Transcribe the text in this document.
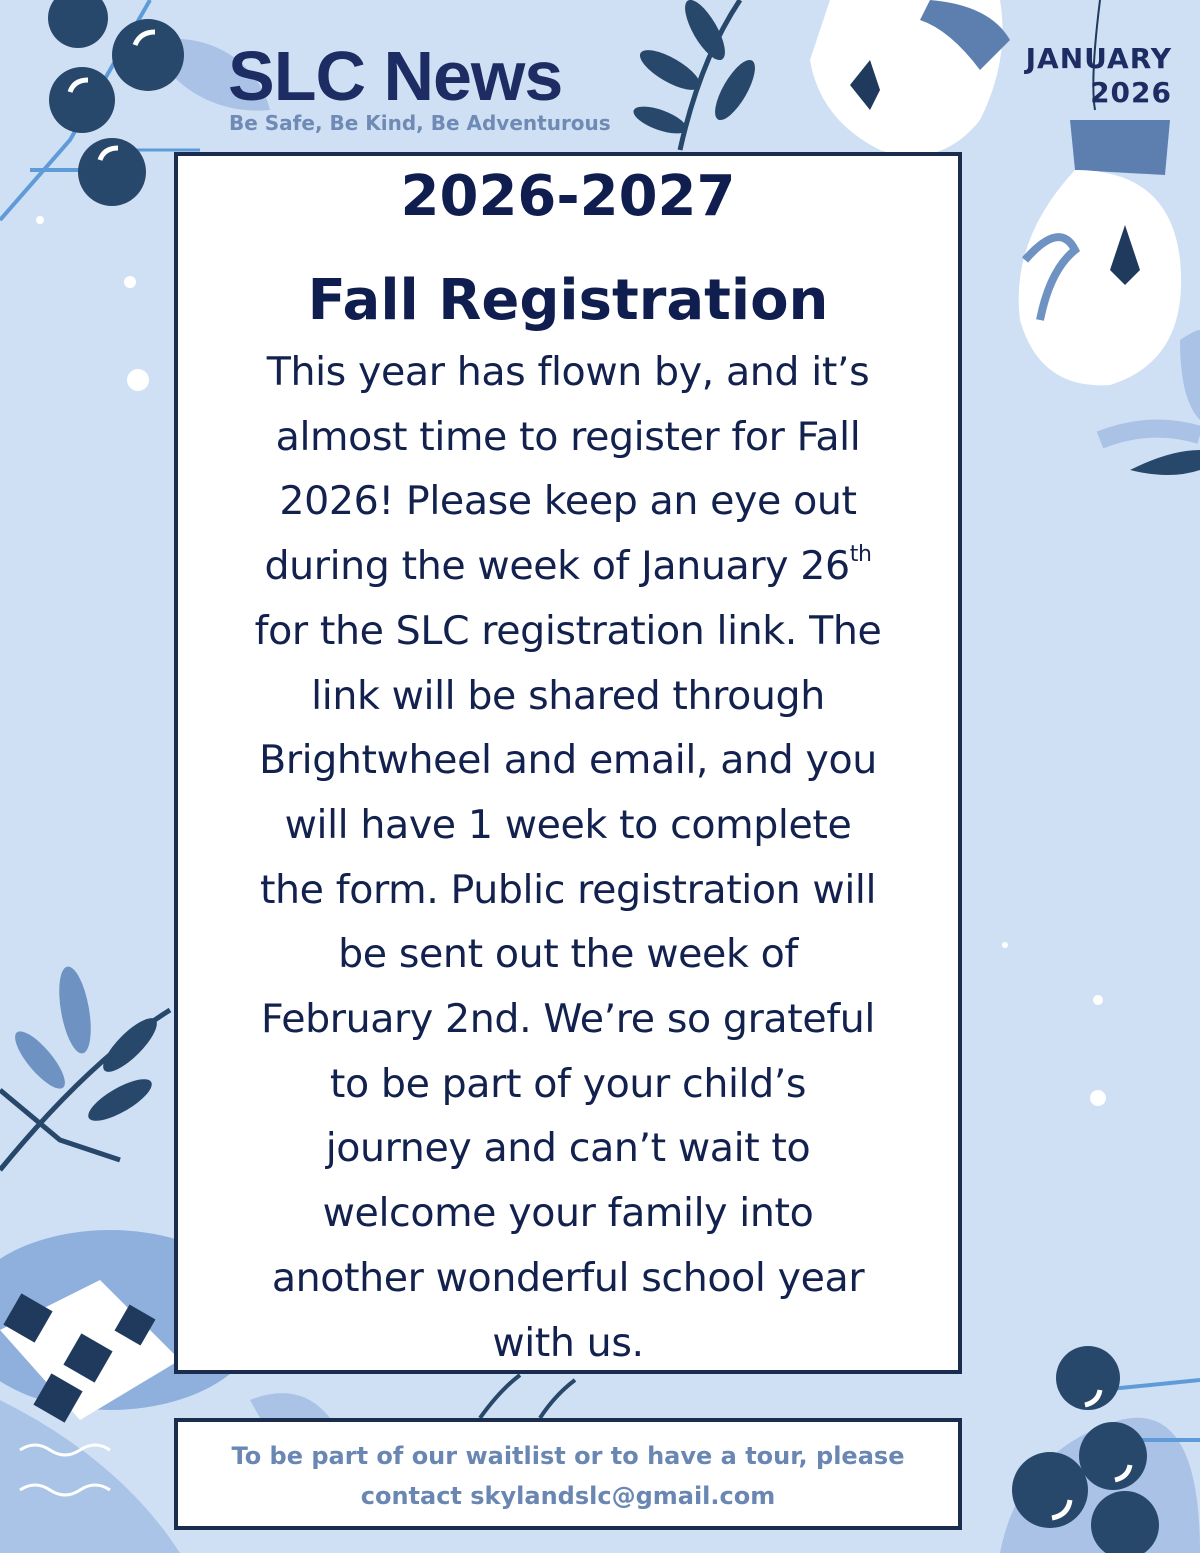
SLC News
Be Safe, Be Kind, Be Adventurous
JANUARY
2026
2026-2027
Fall Registration
This year has flown by, and it’s
almost time to register for Fall
2026! Please keep an eye out
during the week of January 26th
for the SLC registration link. The
link will be shared through
Brightwheel and email, and you
will have 1 week to complete
the form. Public registration will
be sent out the week of
February 2nd. We’re so grateful
to be part of your child’s
journey and can’t wait to
welcome your family into
another wonderful school year
with us.
To be part of our waitlist or to have a tour, please
contact skylandslc@gmail.com
